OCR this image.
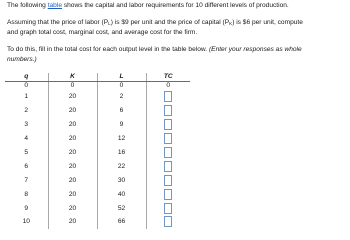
The following table shows the capital and labor requirements for 10 different levels of production.
Assuming that the price of labor $(P_L)$ is $9 per unit and the price of capital $(P_K)$ is $6 per unit, compute
and graph total cost, marginal cost, and average cost for the firm.
To do this, fill in the total cost for each output level in the table below. (Enter your responses as whole
numbers.)
q	K	L	TC
0	0	0	0
1	20	2	
2	20	6	
3	20	9	
4	20	12	
5	20	16	
6	20	22	
7	20	30	
8	20	40	
9	20	52	
10	20	66	
